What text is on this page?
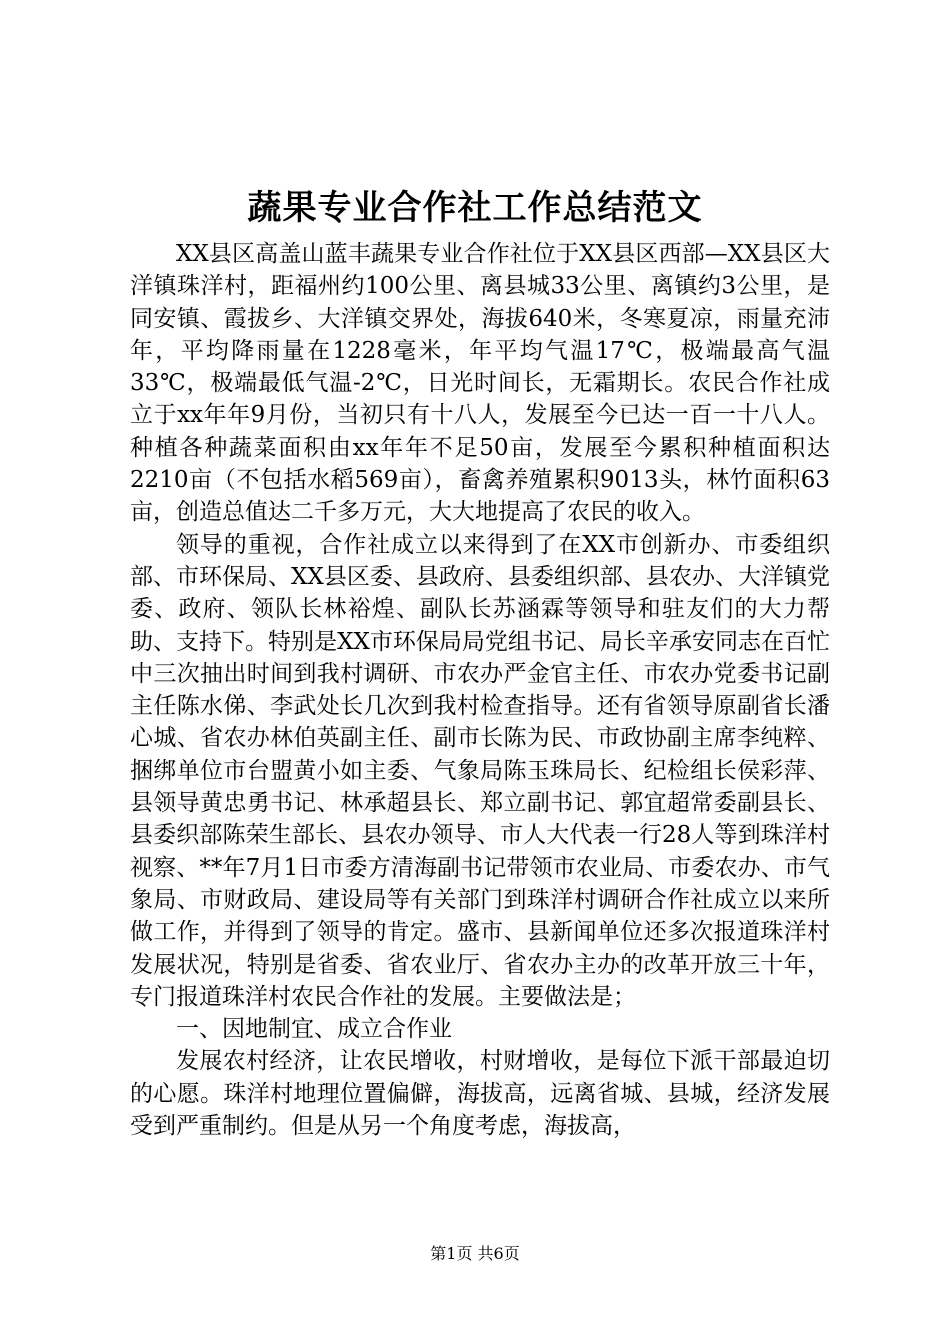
蔬果专业合作社工作总结范文

XX县区高盖山蓝丰蔬果专业合作社位于XX县区西部—XX县区大洋镇珠洋村，距福州约100公里、离县城33公里、离镇约3公里，是同安镇、霞拔乡、大洋镇交界处，海拔640米，冬寒夏凉，雨量充沛年，平均降雨量在1228毫米，年平均气温17℃，极端最高气温33℃，极端最低气温-2℃，日光时间长，无霜期长。农民合作社成立于xx年年9月份，当初只有十八人，发展至今已达一百一十八人。种植各种蔬菜面积由xx年年不足50亩，发展至今累积种植面积达2210亩（不包括水稻569亩），畜禽养殖累积9013头，林竹面积63亩，创造总值达二千多万元，大大地提高了农民的收入。

领导的重视，合作社成立以来得到了在XX市创新办、市委组织部、市环保局、XX县区委、县政府、县委组织部、县农办、大洋镇党委、政府、领队长林裕煌、副队长苏涵霖等领导和驻友们的大力帮助、支持下。特别是XX市环保局局党组书记、局长辛承安同志在百忙中三次抽出时间到我村调研、市农办严金官主任、市农办党委书记副主任陈水俤、李武处长几次到我村检查指导。还有省领导原副省长潘心城、省农办林伯英副主任、副市长陈为民、市政协副主席李纯粹、捆绑单位市台盟黄小如主委、气象局陈玉珠局长、纪检组长侯彩萍、县领导黄忠勇书记、林承超县长、郑立副书记、郭宜超常委副县长、县委织部陈荣生部长、县农办领导、市人大代表一行28人等到珠洋村视察、**年7月1日市委方清海副书记带领市农业局、市委农办、市气象局、市财政局、建设局等有关部门到珠洋村调研合作社成立以来所做工作，并得到了领导的肯定。盛市、县新闻单位还多次报道珠洋村发展状况，特别是省委、省农业厅、省农办主办的改革开放三十年，专门报道珠洋村农民合作社的发展。主要做法是；

一、因地制宜、成立合作业

发展农村经济，让农民增收，村财增收，是每位下派干部最迫切的心愿。珠洋村地理位置偏僻，海拔高，远离省城、县城，经济发展受到严重制约。但是从另一个角度考虑，海拔高，

第1页 共6页
